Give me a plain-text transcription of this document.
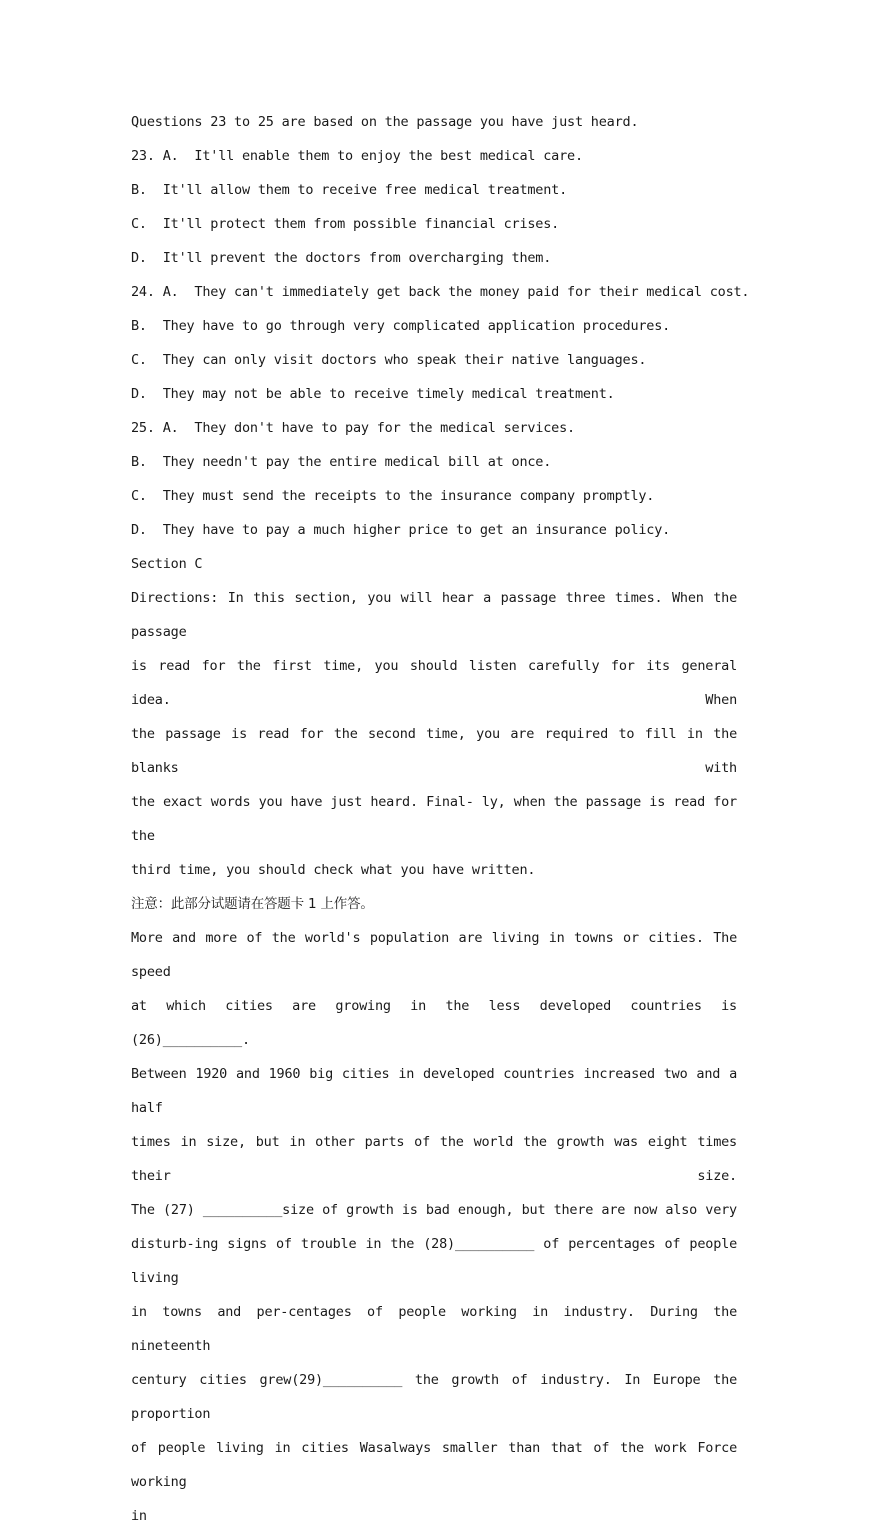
Questions 23 to 25 are based on the passage you have just heard.
23. A.  It'll enable them to enjoy the best medical care.
B.  It'll allow them to receive free medical treatment.
C.  It'll protect them from possible financial crises.
D.  It'll prevent the doctors from overcharging them.
24. A.  They can't immediately get back the money paid for their medical cost.
B.  They have to go through very complicated application procedures.
C.  They can only visit doctors who speak their native languages.
D.  They may not be able to receive timely medical treatment.
25. A.  They don't have to pay for the medical services.
B.  They needn't pay the entire medical bill at once.
C.  They must send the receipts to the insurance company promptly.
D.  They have to pay a much higher price to get an insurance policy.
Section C
Directions: In this section, you will hear a passage three times. When the passage
is read for the first time, you should listen carefully for its general idea. When
the passage is read for the second time, you are required to fill in the blanks with
the exact words you have just heard. Final- ly, when the passage is read for the
third time, you should check what you have written.
注意：此部分试题请在答题卡 1 上作答。
More and more of the world's population are living in towns or cities. The speed
at which cities are growing in the less developed countries is (26)__________.
Between 1920 and 1960 big cities in developed countries increased two and a half
times in size, but in other parts of the world the growth was eight times their size.
The (27) __________size of growth is bad enough, but there are now also very
disturb-ing signs of trouble in the (28)__________ of percentages of people living
in towns and per-centages of people working in industry. During the nineteenth
century cities grew(29)__________ the growth of industry. In Europe the proportion
of people living in cities Wasalways smaller than that of the work Force working
in
